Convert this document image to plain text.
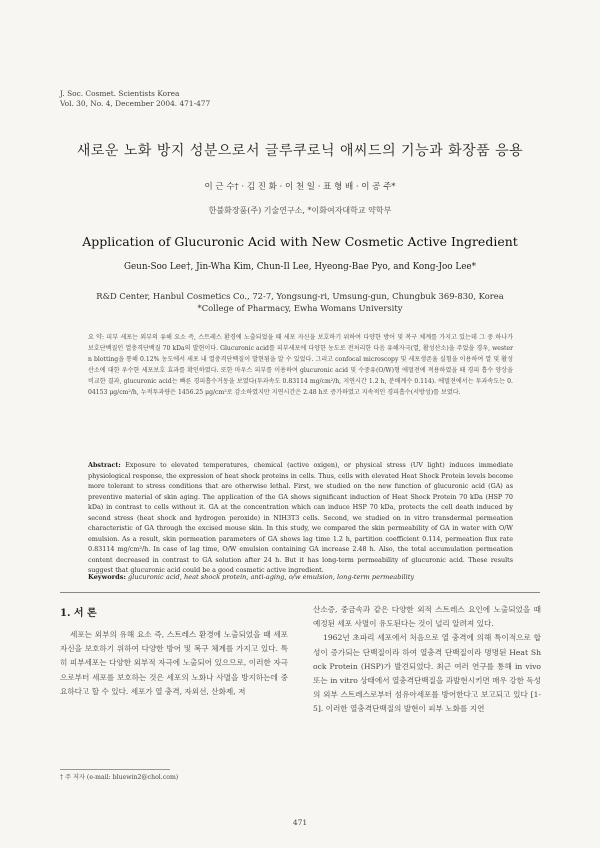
J. Soc. Cosmet. Scientists Korea
Vol. 30, No. 4, December 2004. 471-477
새로운 노화 방지 성분으로서 글루쿠로닉 애씨드의 기능과 화장품 응용
이 근 수† · 김 진 화 · 이 천 일 · 표 형 배 · 이 공 주*
한불화장품(주) 기술연구소, *이화여자대학교 약학부
Application of Glucuronic Acid with New Cosmetic Active Ingredient
Geun-Soo Lee†, Jin-Wha Kim, Chun-Il Lee, Hyeong-Bae Pyo, and Kong-Joo Lee*
R&D Center, Hanbul Cosmetics Co., 72-7, Yongsung-ri, Umsung-gun, Chungbuk 369-830, Korea
*College of Pharmacy, Ewha Womans University
요 약: 피부 세포는 외부의 유해 요소 즉, 스트레스 환경에 노출되었을 때 세포 자신을 보호하기 위하여 다양한 방어 및 복구 체계를 가지고 있는데 그 중 하나가 보호단백질인 열충격단백질 70 kDa의 발현이다. Glucuronic acid를 피부세포에 다양한 농도로 전처리한 다음 유해자극(열, 활성산소)을 주었을 경우, western blotting을 통해 0.12% 농도에서 세포 내 열충격단백질이 발현됨을 알 수 있었다. 그리고 confocal microscopy 및 세포생존율 실험을 이용하여 열 및 활성 산소에 대한 우수한 세포보호 효과를 확인하였다. 또한 마우스 피부를 이용하여 glucuronic acid 및 수중유(O/W)형 에멀전에 적용하였을 때 경피 흡수 양상을 비교한 결과, glucuronic acid는 빠른 경피흡수거동을 보였다(투과속도 0.83114 mg/cm²/h, 지연시간 1.2 h, 분배계수 0.114). 에멀젼에서는 투과속도는 0.04153 μg/cm²/h, 누적투과량은 1456.25 μg/cm²로 감소하였지만 지연시간은 2.48 h로 증가하였고 지속적인 경피흡수(서방성)를 보였다.
Abstract: Exposure to elevated temperatures, chemical (active oxigen), or physical stress (UV light) induces immediate physiological response, the expression of heat shock proteins in cells. Thus, cells with elevated Heat Shock Protein levels become more tolerant to stress conditions that are otherwise lethal. First, we studied on the new function of glucuronic acid (GA) as preventive material of skin aging. The application of the GA shows significant induction of Heat Shock Protein 70 kDa (HSP 70 kDa) in contrast to cells without it. GA at the concentration which can induce HSP 70 kDa, protects the cell death induced by second stress (heat shock and hydrogen peroxide) in NIH3T3 cells. Second, we studied on in vitro transdermal permeation characteristic of GA through the excised mouse skin. In this study, we compared the skin permeability of GA in water with O/W emulsion. As a result, skin permeation parameters of GA shows lag time 1.2 h, partition coefficient 0.114, permeation flux rate 0.83114 mg/cm²/h. In case of lag time, O/W emulsion containing GA increase 2.48 h. Also, the total accumulation permeation content decreased in contrast to GA solution after 24 h. But it has long-term permeability of glucuronic acid. These results suggest that glucuronic acid could be a good cosmetic active ingredient.
Keywords: glucuronic acid, heat shock protein, anti-aging, o/w emulsion, long-term permeability
1. 서 론

세포는 외부의 유해 요소 즉, 스트레스 환경에 노출되었을 때 세포 자신을 보호하기 위하여 다양한 방어 및 복구 체계를 가지고 있다. 특히 피부세포는 다양한 외부적 자극에 노출되어 있으므로, 이러한 자극으로부터 세포를 보호하는 것은 세포의 노화나 사멸을 방지하는데 중요하다고 할 수 있다. 세포가 열 충격, 자외선, 산화제, 저

산소증, 중금속과 같은 다양한 외적 스트레스 요인에 노출되었을 때 예정된 세포 사멸이 유도된다는 것이 널리 알려져 있다.

1962년 초파리 세포에서 처음으로 열 충격에 의해 특이적으로 합성이 증가되는 단백질이라 하여 열충격 단백질이라 명명된 Heat Shock Protein (HSP)가 발견되었다. 최근 여러 연구를 통해 in vivo 또는 in vitro 상태에서 열충격단백질을 과발현시키면 매우 강한 독성의 외부 스트레스로부터 섬유아세포를 방어한다고 보고되고 있다 [1-5]. 이러한 열충격단백질의 발현이 피부 노화를 지연

† 주 저자 (e-mail: bluewin2@chol.com)
471
